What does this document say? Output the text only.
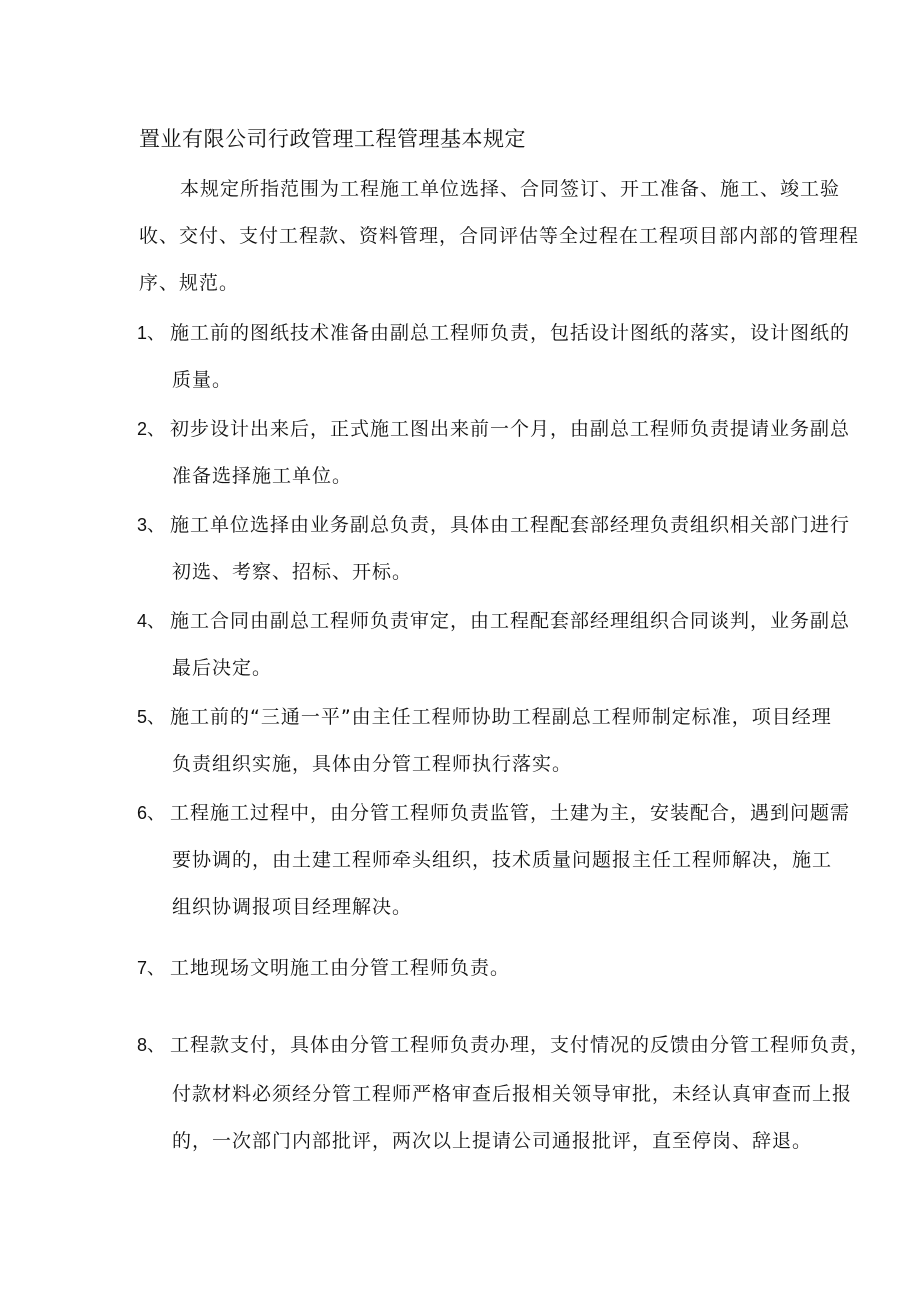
置业有限公司行政管理工程管理基本规定
本规定所指范围为工程施工单位选择、合同签订、开工准备、施工、竣工验
收、交付、支付工程款、资料管理，合同评估等全过程在工程项目部内部的管理程
序、规范。
1、 施工前的图纸技术准备由副总工程师负责，包括设计图纸的落实，设计图纸的
质量。
2、 初步设计出来后，正式施工图出来前一个月，由副总工程师负责提请业务副总
准备选择施工单位。
3、 施工单位选择由业务副总负责，具体由工程配套部经理负责组织相关部门进行
初选、考察、招标、开标。
4、 施工合同由副总工程师负责审定，由工程配套部经理组织合同谈判，业务副总
最后决定。
5、 施工前的“三通一平”由主任工程师协助工程副总工程师制定标准，项目经理
负责组织实施，具体由分管工程师执行落实。
6、 工程施工过程中，由分管工程师负责监管，土建为主，安装配合，遇到问题需
要协调的，由土建工程师牵头组织，技术质量问题报主任工程师解决，施工
组织协调报项目经理解决。
7、 工地现场文明施工由分管工程师负责。
8、 工程款支付，具体由分管工程师负责办理，支付情况的反馈由分管工程师负责，
付款材料必须经分管工程师严格审查后报相关领导审批，未经认真审查而上报
的，一次部门内部批评，两次以上提请公司通报批评，直至停岗、辞退。
